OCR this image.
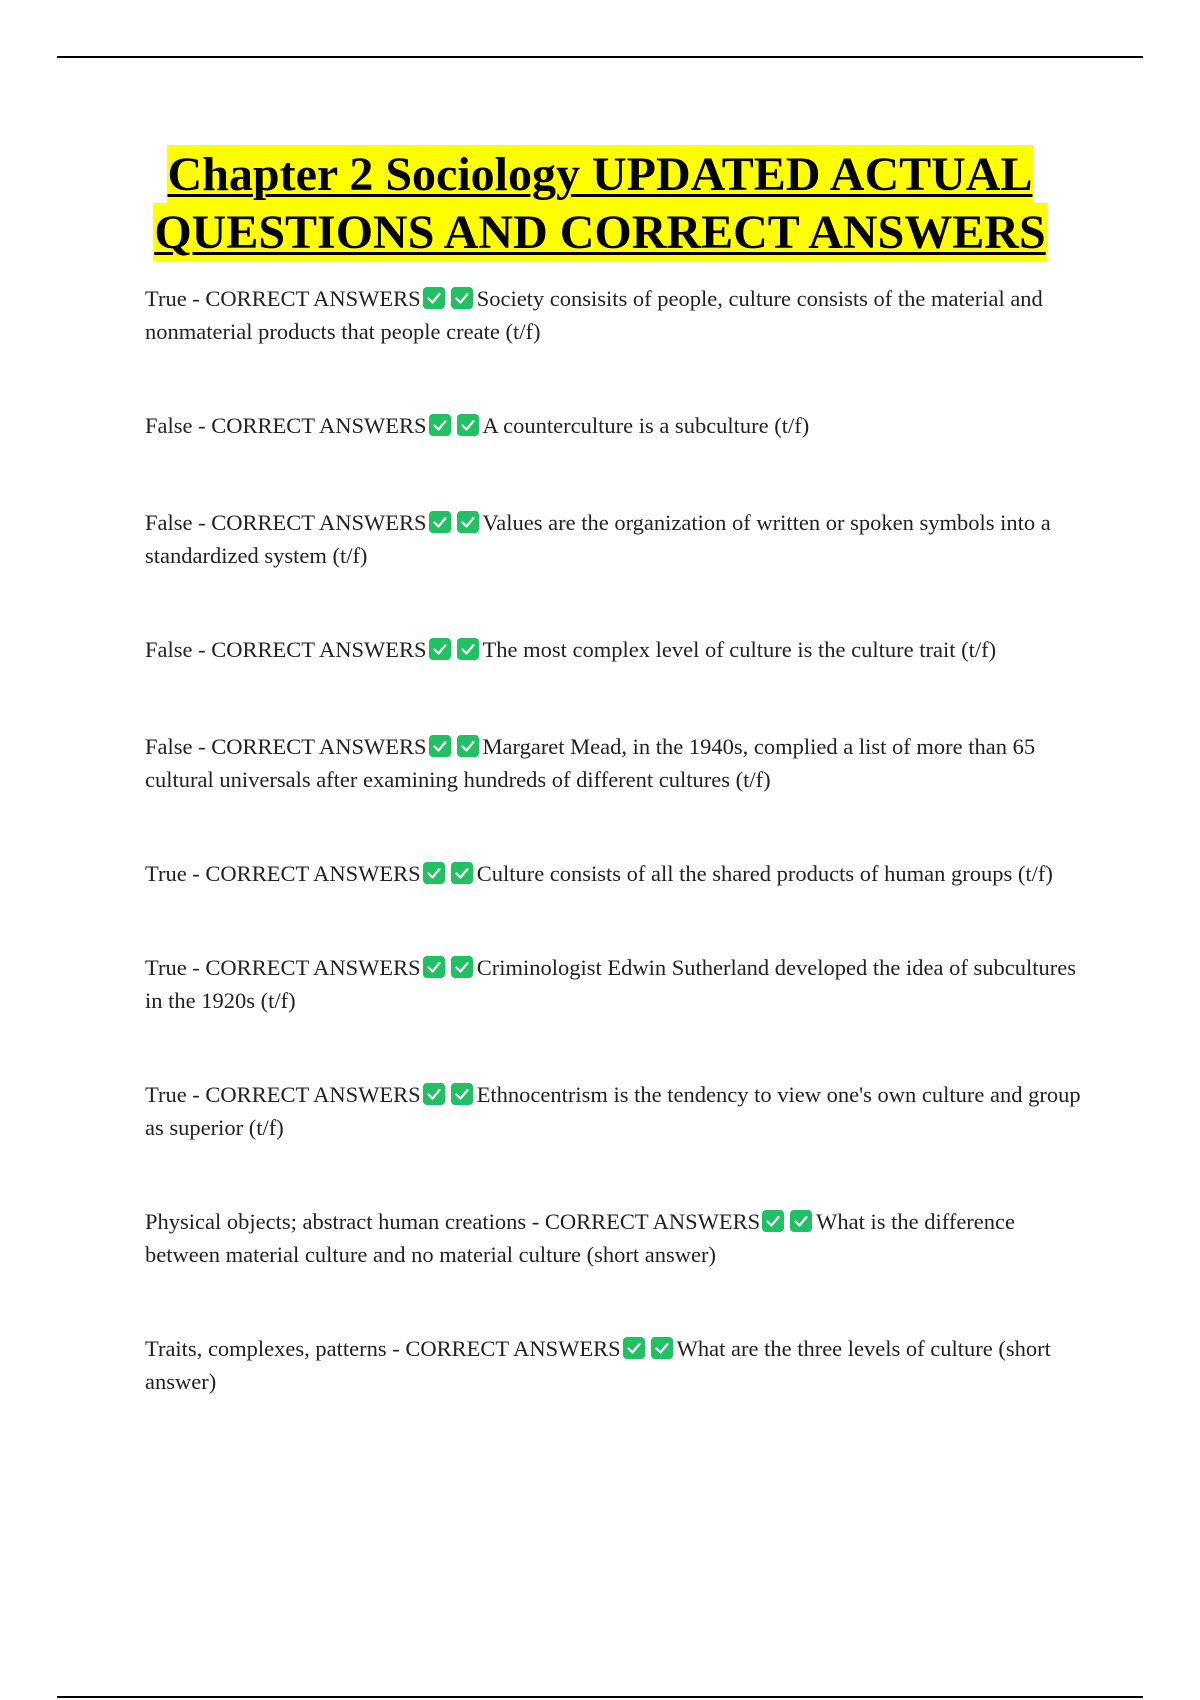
Chapter 2 Sociology UPDATED ACTUAL
QUESTIONS AND CORRECT ANSWERS

True - CORRECT ANSWERS Society consisits of people, culture consists of the material and nonmaterial products that people create (t/f)

False - CORRECT ANSWERS A counterculture is a subculture (t/f)

False - CORRECT ANSWERS Values are the organization of written or spoken symbols into a standardized system (t/f)

False - CORRECT ANSWERS The most complex level of culture is the culture trait (t/f)

False - CORRECT ANSWERS Margaret Mead, in the 1940s, complied a list of more than 65 cultural universals after examining hundreds of different cultures (t/f)

True - CORRECT ANSWERS Culture consists of all the shared products of human groups (t/f)

True - CORRECT ANSWERS Criminologist Edwin Sutherland developed the idea of subcultures in the 1920s (t/f)

True - CORRECT ANSWERS Ethnocentrism is the tendency to view one's own culture and group as superior (t/f)

Physical objects; abstract human creations - CORRECT ANSWERS What is the difference between material culture and no material culture (short answer)

Traits, complexes, patterns - CORRECT ANSWERS What are the three levels of culture (short answer)
